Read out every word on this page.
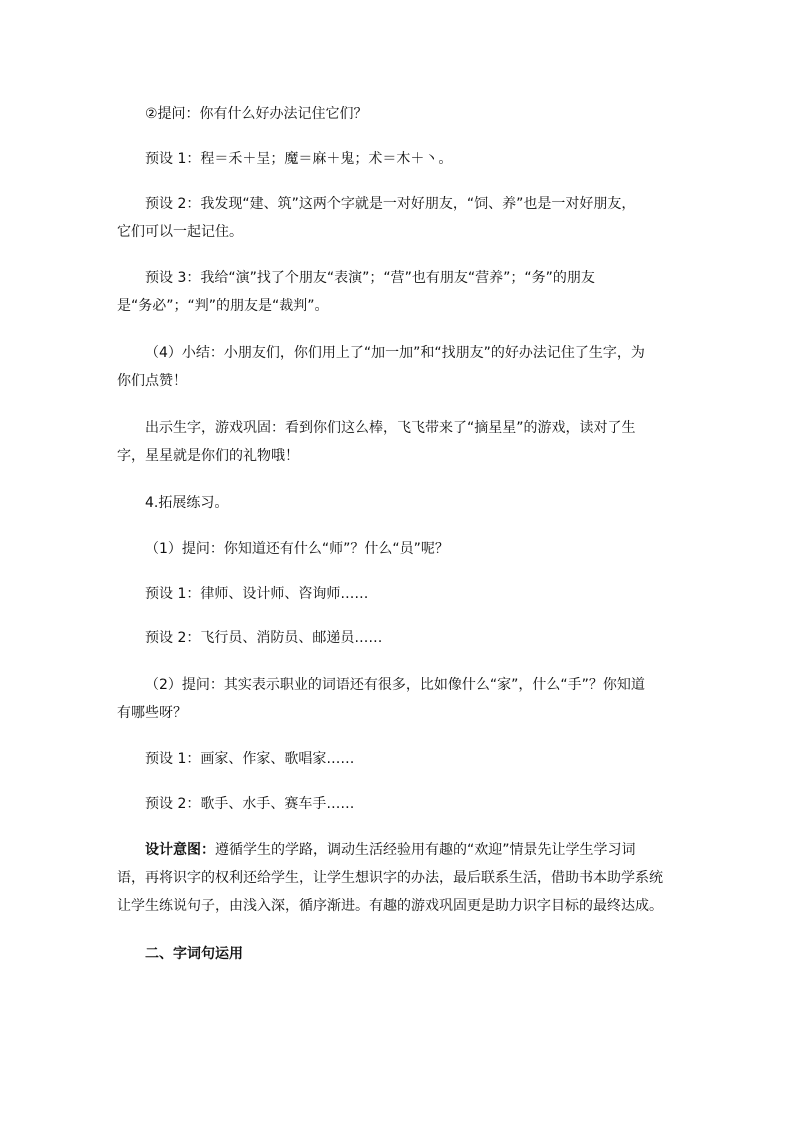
②提问：你有什么好办法记住它们？
预设 1：程＝禾＋呈；魔＝麻＋鬼；术＝木＋丶。
预设 2：我发现“建、筑”这两个字就是一对好朋友，“饲、养”也是一对好朋友，
它们可以一起记住。
预设 3：我给“演”找了个朋友“表演”；“营”也有朋友“营养”；“务”的朋友
是“务必”；“判”的朋友是“裁判”。
（4）小结：小朋友们，你们用上了“加一加”和“找朋友”的好办法记住了生字，为
你们点赞！
出示生字，游戏巩固：看到你们这么棒，飞飞带来了“摘星星”的游戏，读对了生
字，星星就是你们的礼物哦！
4.拓展练习。
（1）提问：你知道还有什么“师”？什么“员”呢？
预设 1：律师、设计师、咨询师……
预设 2：飞行员、消防员、邮递员……
（2）提问：其实表示职业的词语还有很多，比如像什么“家”，什么“手”？你知道
有哪些呀？
预设 1：画家、作家、歌唱家……
预设 2：歌手、水手、赛车手……
设计意图：遵循学生的学路，调动生活经验用有趣的“欢迎”情景先让学生学习词
语，再将识字的权利还给学生，让学生想识字的办法，最后联系生活，借助书本助学系统
让学生练说句子，由浅入深，循序渐进。有趣的游戏巩固更是助力识字目标的最终达成。
二、字词句运用
